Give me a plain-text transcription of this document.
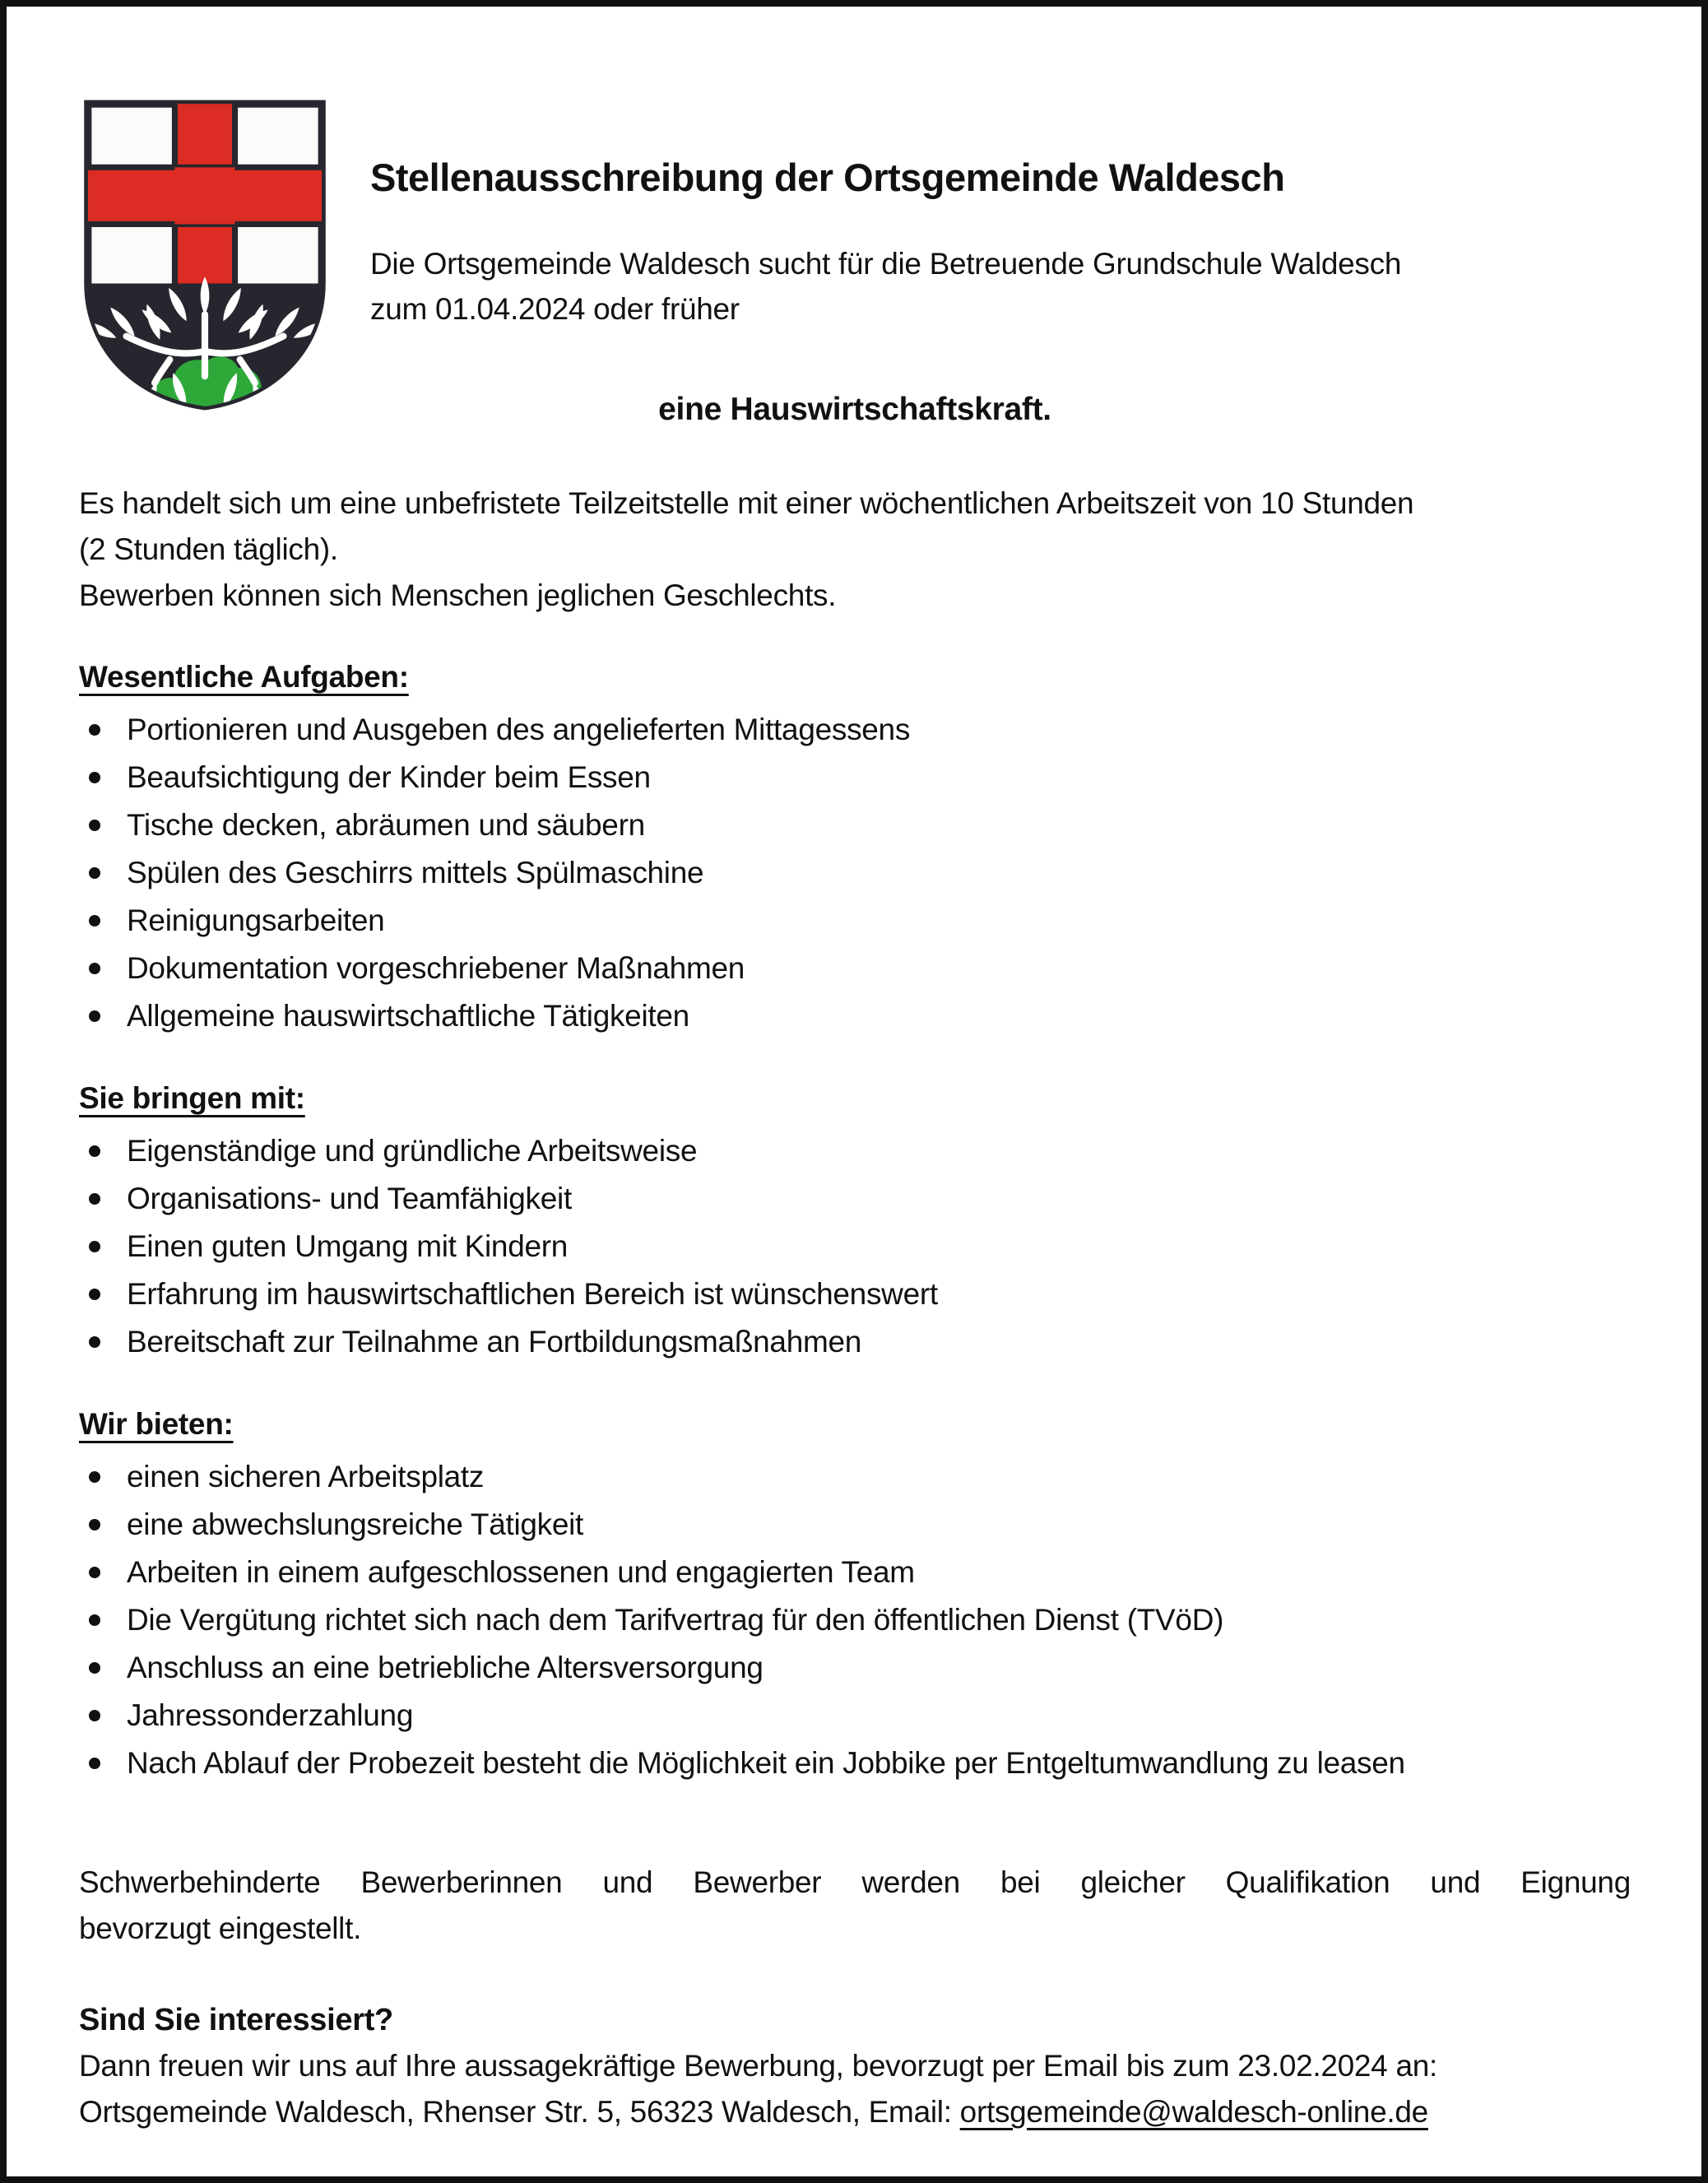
Stellenausschreibung der Ortsgemeinde Waldesch
Die Ortsgemeinde Waldesch sucht für die Betreuende Grundschule Waldesch
zum 01.04.2024 oder früher
eine Hauswirtschaftskraft.
Es handelt sich um eine unbefristete Teilzeitstelle mit einer wöchentlichen Arbeitszeit von 10 Stunden
(2 Stunden täglich).
Bewerben können sich Menschen jeglichen Geschlechts.
Wesentliche Aufgaben:
Portionieren und Ausgeben des angelieferten Mittagessens
Beaufsichtigung der Kinder beim Essen
Tische decken, abräumen und säubern
Spülen des Geschirrs mittels Spülmaschine
Reinigungsarbeiten
Dokumentation vorgeschriebener Maßnahmen
Allgemeine hauswirtschaftliche Tätigkeiten
Sie bringen mit:
Eigenständige und gründliche Arbeitsweise
Organisations- und Teamfähigkeit
Einen guten Umgang mit Kindern
Erfahrung im hauswirtschaftlichen Bereich ist wünschenswert
Bereitschaft zur Teilnahme an Fortbildungsmaßnahmen
Wir bieten:
einen sicheren Arbeitsplatz
eine abwechslungsreiche Tätigkeit
Arbeiten in einem aufgeschlossenen und engagierten Team
Die Vergütung richtet sich nach dem Tarifvertrag für den öffentlichen Dienst (TVöD)
Anschluss an eine betriebliche Altersversorgung
Jahressonderzahlung
Nach Ablauf der Probezeit besteht die Möglichkeit ein Jobbike per Entgeltumwandlung zu leasen
Schwerbehinderte Bewerberinnen und Bewerber werden bei gleicher Qualifikation und Eignung
bevorzugt eingestellt.
Sind Sie interessiert?
Dann freuen wir uns auf Ihre aussagekräftige Bewerbung, bevorzugt per Email bis zum 23.02.2024 an:
Ortsgemeinde Waldesch, Rhenser Str. 5, 56323 Waldesch, Email: ortsgemeinde@waldesch-online.de
